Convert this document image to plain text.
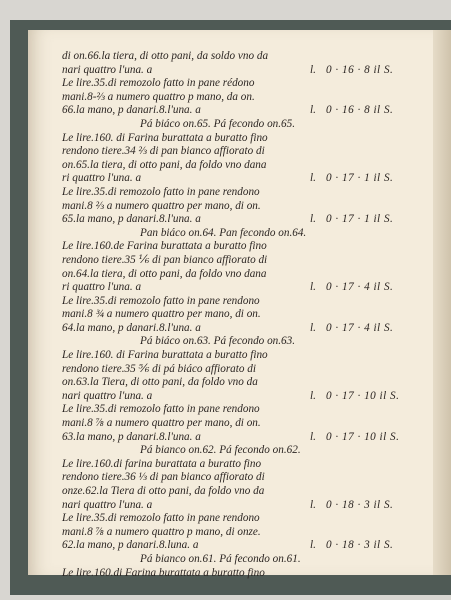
di on.66.la tiera, di otto pani, da soldo vno da
nari quattro l'una. a	l. 0 · 16 · 8 il S.
Le lire.35.di remozolo fatto in pane rédono
mani.8-⅔ a numero quattro p mano, da on.
66.la mano, p danari.8.l'una. a	l. 0 · 16 · 8 il S.
Pá biáco on.65. Pá fecondo on.65.
Le lire.160. di Farina burattata a buratto fino
rendono tiere.34 ⅔ di pan bianco affiorato di
on.65.la tiera, di otto pani, da foldo vno dana
ri quattro l'una. a	l. 0 · 17 · 1 il S.
Le lire.35.di remozolo fatto in pane rendono
mani.8 ⅔ a numero quattro per mano, di on.
65.la mano, p danari.8.l'una. a	l. 0 · 17 · 1 il S.
Pan biáco on.64. Pan fecondo on.64.
Le lire.160.de Farina burattata a buratto fino
rendono tiere.35 ⅙ di pan bianco affiorato di
on.64.la tiera, di otto pani, da foldo vno dana
ri quattro l'una. a	l. 0 · 17 · 4 il S.
Le lire.35.di remozolo fatto in pane rendono
mani.8 ¾ a numero quattro per mano, di on.
64.la mano, p danari.8.l'una. a	l. 0 · 17 · 4 il S.
Pá biáco on.63. Pá fecondo on.63.
Le lire.160. di Farina burattata a buratto fino
rendono tiere.35 ⅚ di pá biáco affiorato di
on.63.la Tiera, di otto pani, da foldo vno da
nari quattro l'una. a	l. 0 · 17 · 10 il S.
Le lire.35.di remozolo fatto in pane rendono
mani.8 ⅞ a numero quattro per mano, di on.
63.la mano, p danari.8.l'una. a	l. 0 · 17 · 10 il S.
Pá bianco on.62. Pá fecondo on.62.
Le lire.160.di farina burattata a buratto fino
rendono tiere.36 ⅓ di pan bianco affiorato di
onze.62.la Tiera di otto pani, da foldo vno da
nari quattro l'una. a	l. 0 · 18 · 3 il S.
Le lire.35.di remozolo fatto in pane rendono
mani.8 ⅞ a numero quattro p mano, di onze.
62.la mano, p danari.8.luna. a	l. 0 · 18 · 3 il S.
Pá bianco on.61. Pá fecondo on.61.
Le lire.160.di Farina burattata a buratto fino
